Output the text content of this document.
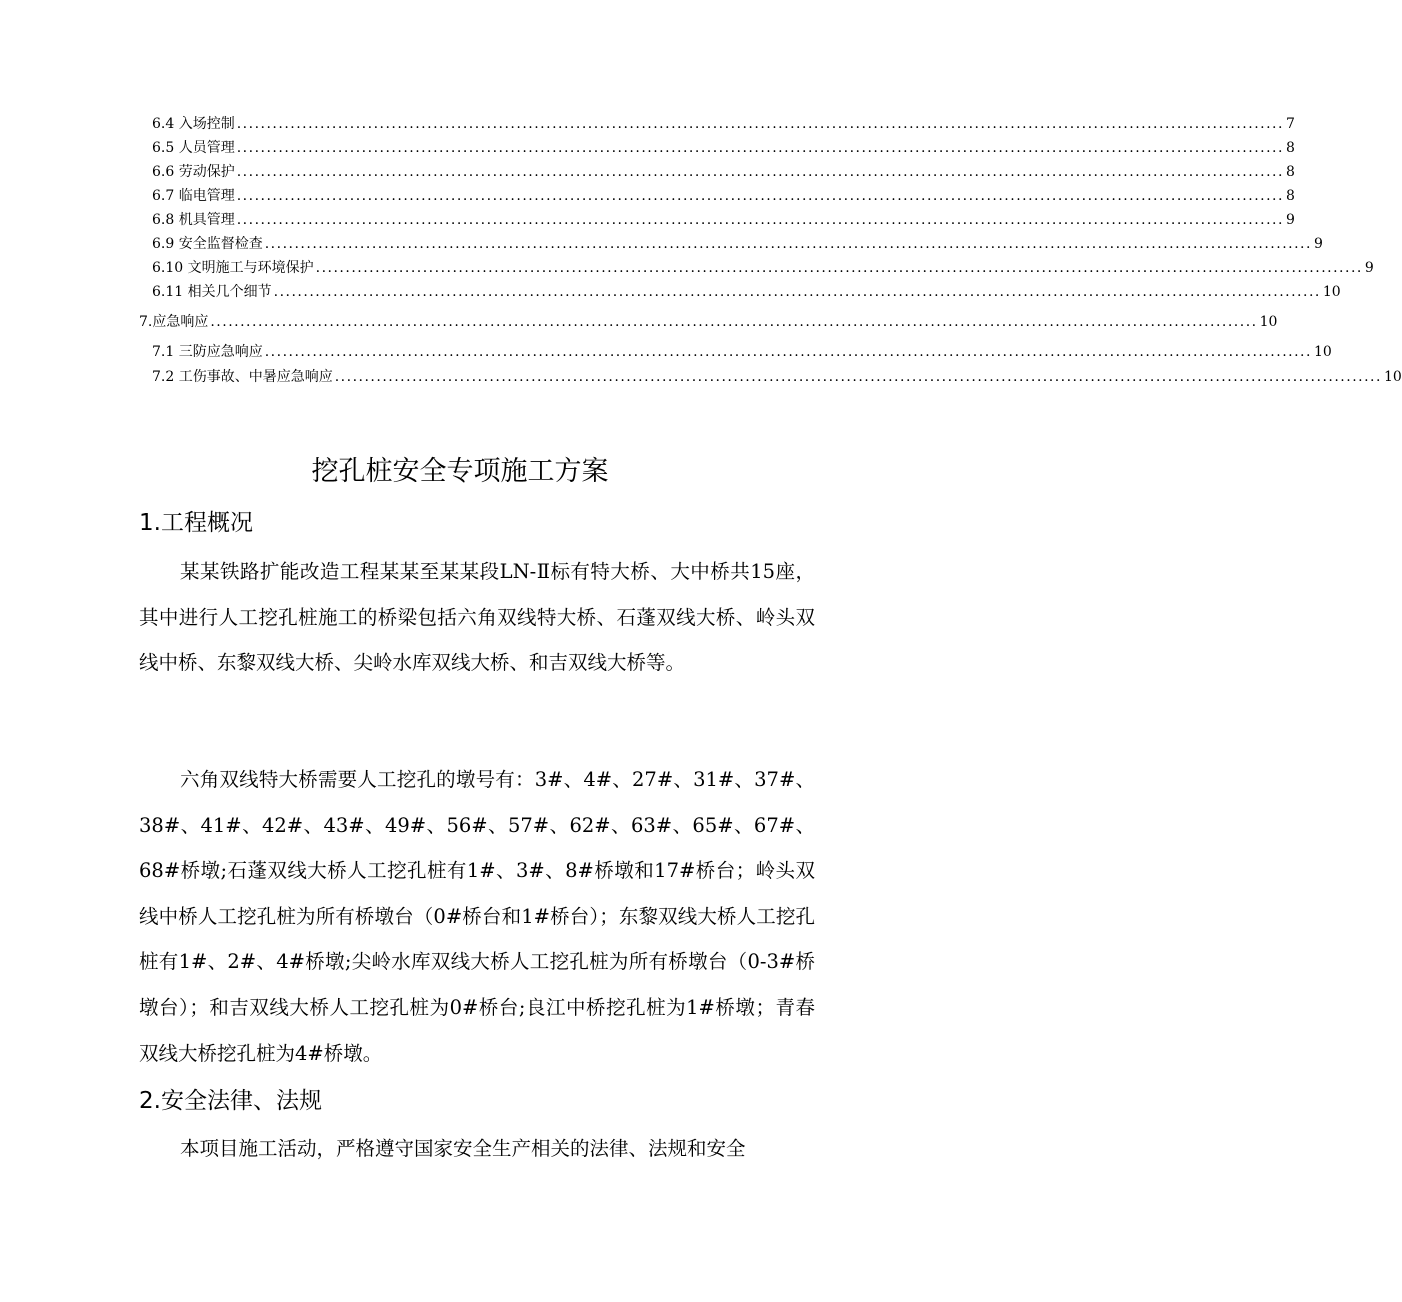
6.4 入场控制 ................................................................................................................................................................................ 7
6.5 人员管理 ................................................................................................................................................................................ 8
6.6 劳动保护 ................................................................................................................................................................................ 8
6.7 临电管理 ................................................................................................................................................................................ 8
6.8 机具管理 ................................................................................................................................................................................ 9
6.9 安全监督检查 ................................................................................................................................................................................ 9
6.10 文明施工与环境保护 ................................................................................................................................................................................ 9
6.11 相关几个细节 ................................................................................................................................................................................ 10
7.应急响应 ................................................................................................................................................................................ 10
7.1 三防应急响应 ................................................................................................................................................................................ 10
7.2 工伤事故、中暑应急响应 ................................................................................................................................................................................ 10
挖孔桩安全专项施工方案
1.工程概况
某某铁路扩能改造工程某某至某某段LN-Ⅱ标有特大桥、大中桥共15座，其中进行人工挖孔桩施工的桥梁包括六角双线特大桥、石蓬双线大桥、岭头双线中桥、东黎双线大桥、尖岭水库双线大桥、和吉双线大桥等。
六角双线特大桥需要人工挖孔的墩号有：3#、4#、27#、31#、37#、38#、41#、42#、43#、49#、56#、57#、62#、63#、65#、67#、68#桥墩;石蓬双线大桥人工挖孔桩有1#、3#、8#桥墩和17#桥台；岭头双线中桥人工挖孔桩为所有桥墩台（0#桥台和1#桥台）；东黎双线大桥人工挖孔桩有1#、2#、4#桥墩;尖岭水库双线大桥人工挖孔桩为所有桥墩台（0-3#桥墩台）；和吉双线大桥人工挖孔桩为0#桥台;良江中桥挖孔桩为1#桥墩；青春双线大桥挖孔桩为4#桥墩。
2.安全法律、法规
本项目施工活动，严格遵守国家安全生产相关的法律、法规和安全
